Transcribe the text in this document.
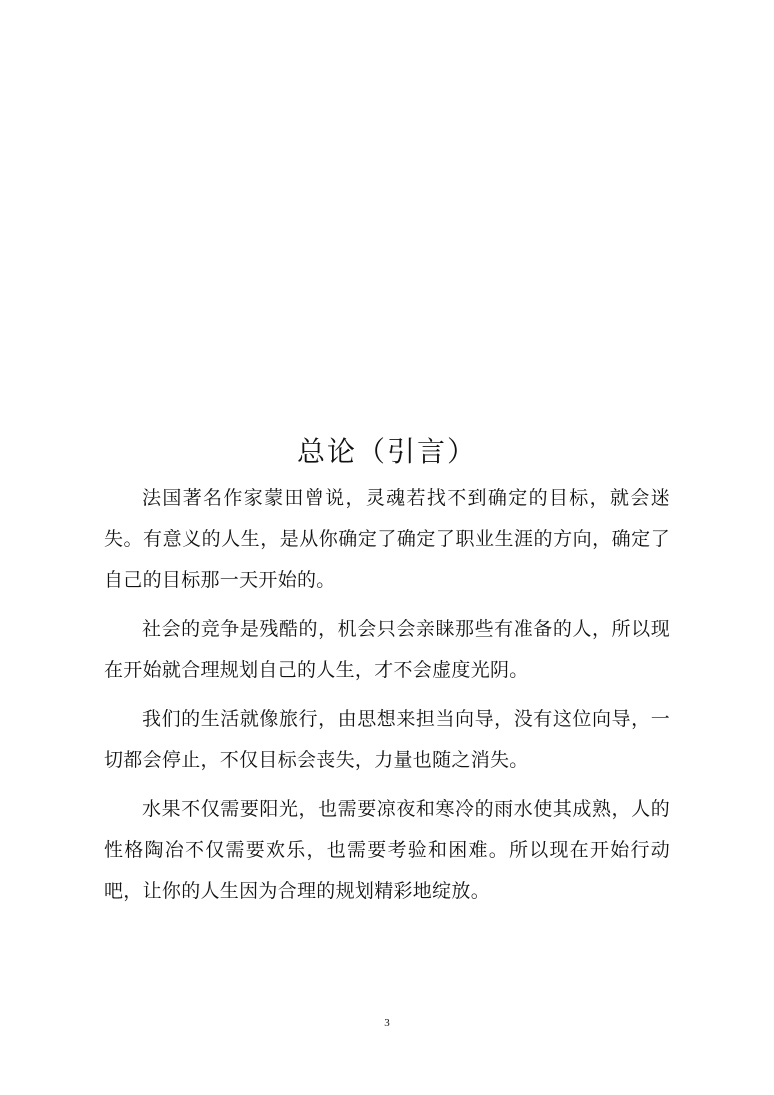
总论（引言）

法国著名作家蒙田曾说，灵魂若找不到确定的目标，就会迷失。有意义的人生，是从你确定了确定了职业生涯的方向，确定了自己的目标那一天开始的。

社会的竞争是残酷的，机会只会亲睐那些有准备的人，所以现在开始就合理规划自己的人生，才不会虚度光阴。

我们的生活就像旅行，由思想来担当向导，没有这位向导，一切都会停止，不仅目标会丧失，力量也随之消失。

水果不仅需要阳光，也需要凉夜和寒冷的雨水使其成熟，人的性格陶冶不仅需要欢乐，也需要考验和困难。所以现在开始行动吧，让你的人生因为合理的规划精彩地绽放。

3
